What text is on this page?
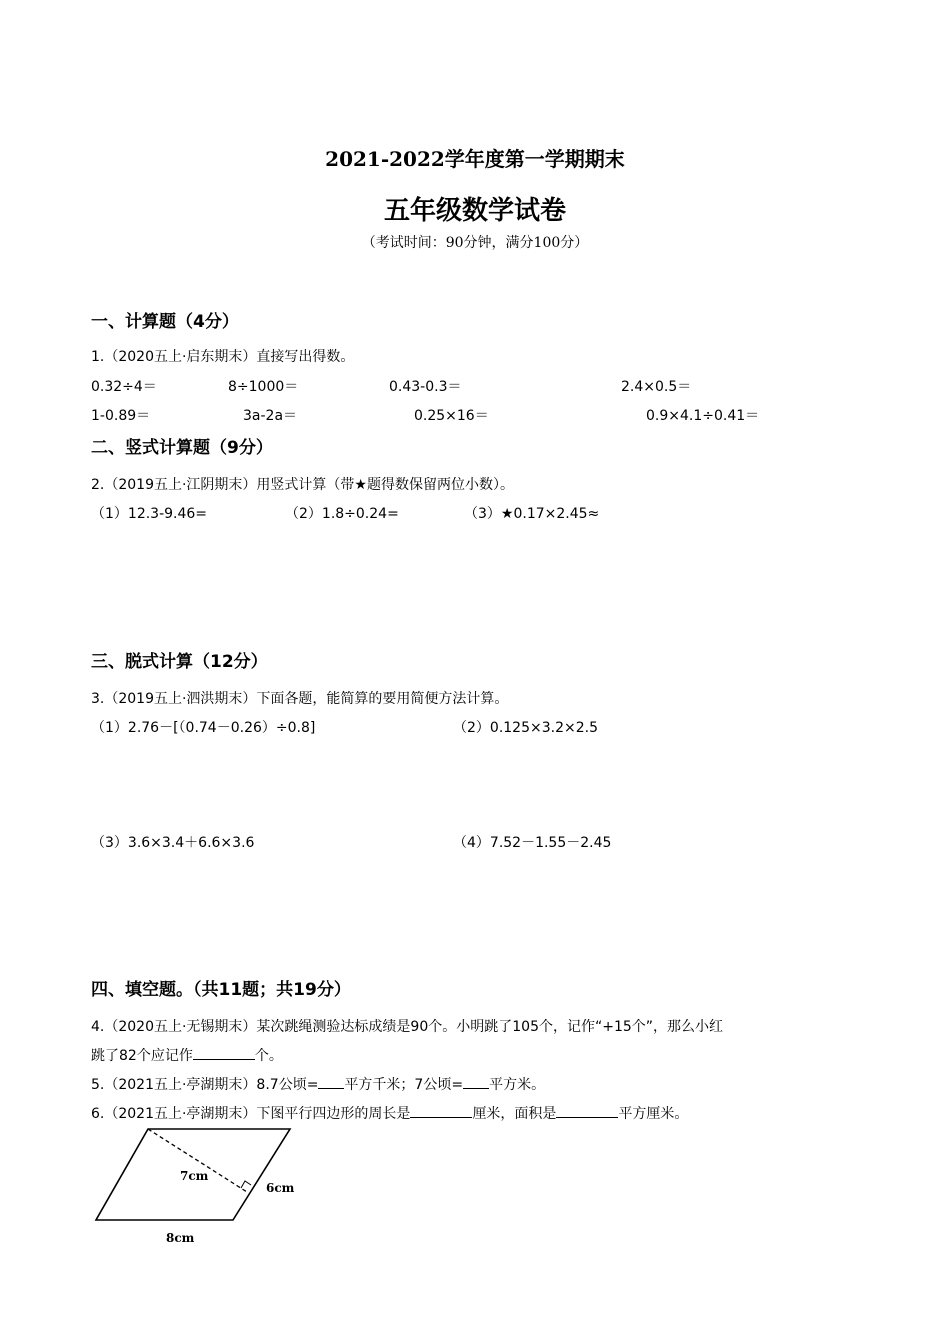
2021-2022学年度第一学期期末
五年级数学试卷
（考试时间：90分钟，满分100分）
一、计算题（4分）
1.（2020五上·启东期末）直接写出得数。
0.32÷4＝	8÷1000＝	0.43-0.3＝	2.4×0.5＝
1-0.89＝	3a-2a＝	0.25×16＝	0.9×4.1÷0.41＝
二、竖式计算题（9分）
2.（2019五上·江阴期末）用竖式计算（带★题得数保留两位小数）。
（1）12.3-9.46=	（2）1.8÷0.24=	（3）★0.17×2.45≈
三、脱式计算（12分）
3.（2019五上·泗洪期末）下面各题，能简算的要用简便方法计算。
（1）2.76－[（0.74－0.26）÷0.8]	（2）0.125×3.2×2.5
（3）3.6×3.4＋6.6×3.6	（4）7.52－1.55－2.45
四、填空题。（共11题；共19分）
4.（2020五上·无锡期末）某次跳绳测验达标成绩是90个。小明跳了105个，记作“+15个”，那么小红
跳了82个应记作	个。
5.（2021五上·亭湖期末）8.7公顷= 平方千米；7公顷= 平方米。
6.（2021五上·亭湖期末）下图平行四边形的周长是	厘米，面积是	平方厘米。
7cm
6cm
8cm
